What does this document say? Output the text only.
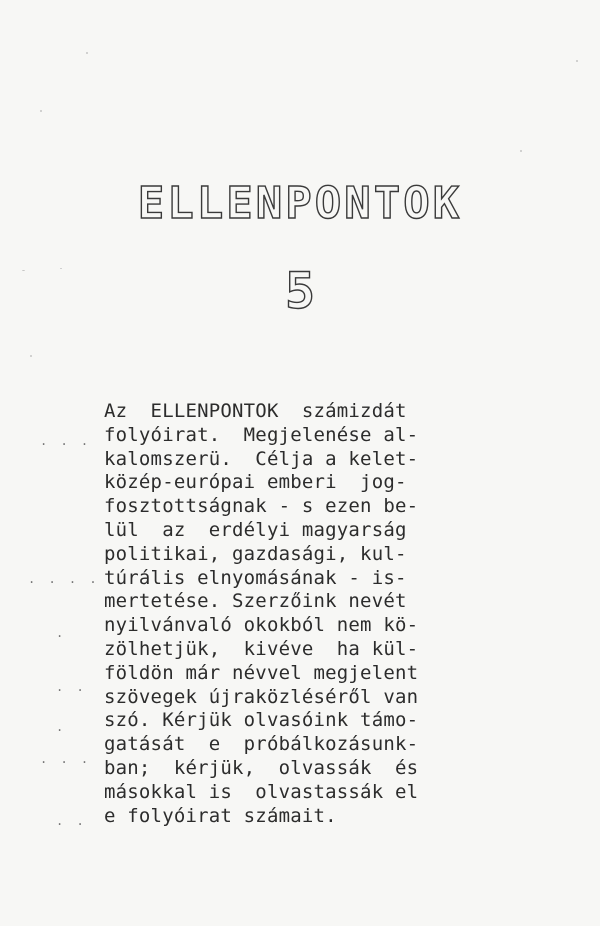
. . .
. . . .
.
. .
.
. . .
. .
ELLENPONTOK
5
Az  ELLENPONTOK  számizdát
folyóirat.  Megjelenése al-
kalomszerü.  Célja a kelet-
közép-európai emberi  jog-
fosztottságnak - s ezen be-
lül  az  erdélyi magyarság
politikai, gazdasági, kul-
túrális elnyomásának - is-
mertetése. Szerzőink nevét
nyilvánvaló okokból nem kö-
zölhetjük,  kivéve  ha kül-
földön már névvel megjelent
szövegek újraközléséről van
szó. Kérjük olvasóink támo-
gatását  e  próbálkozásunk-
ban;  kérjük,  olvassák  és
másokkal is  olvastassák el
e folyóirat számait.
